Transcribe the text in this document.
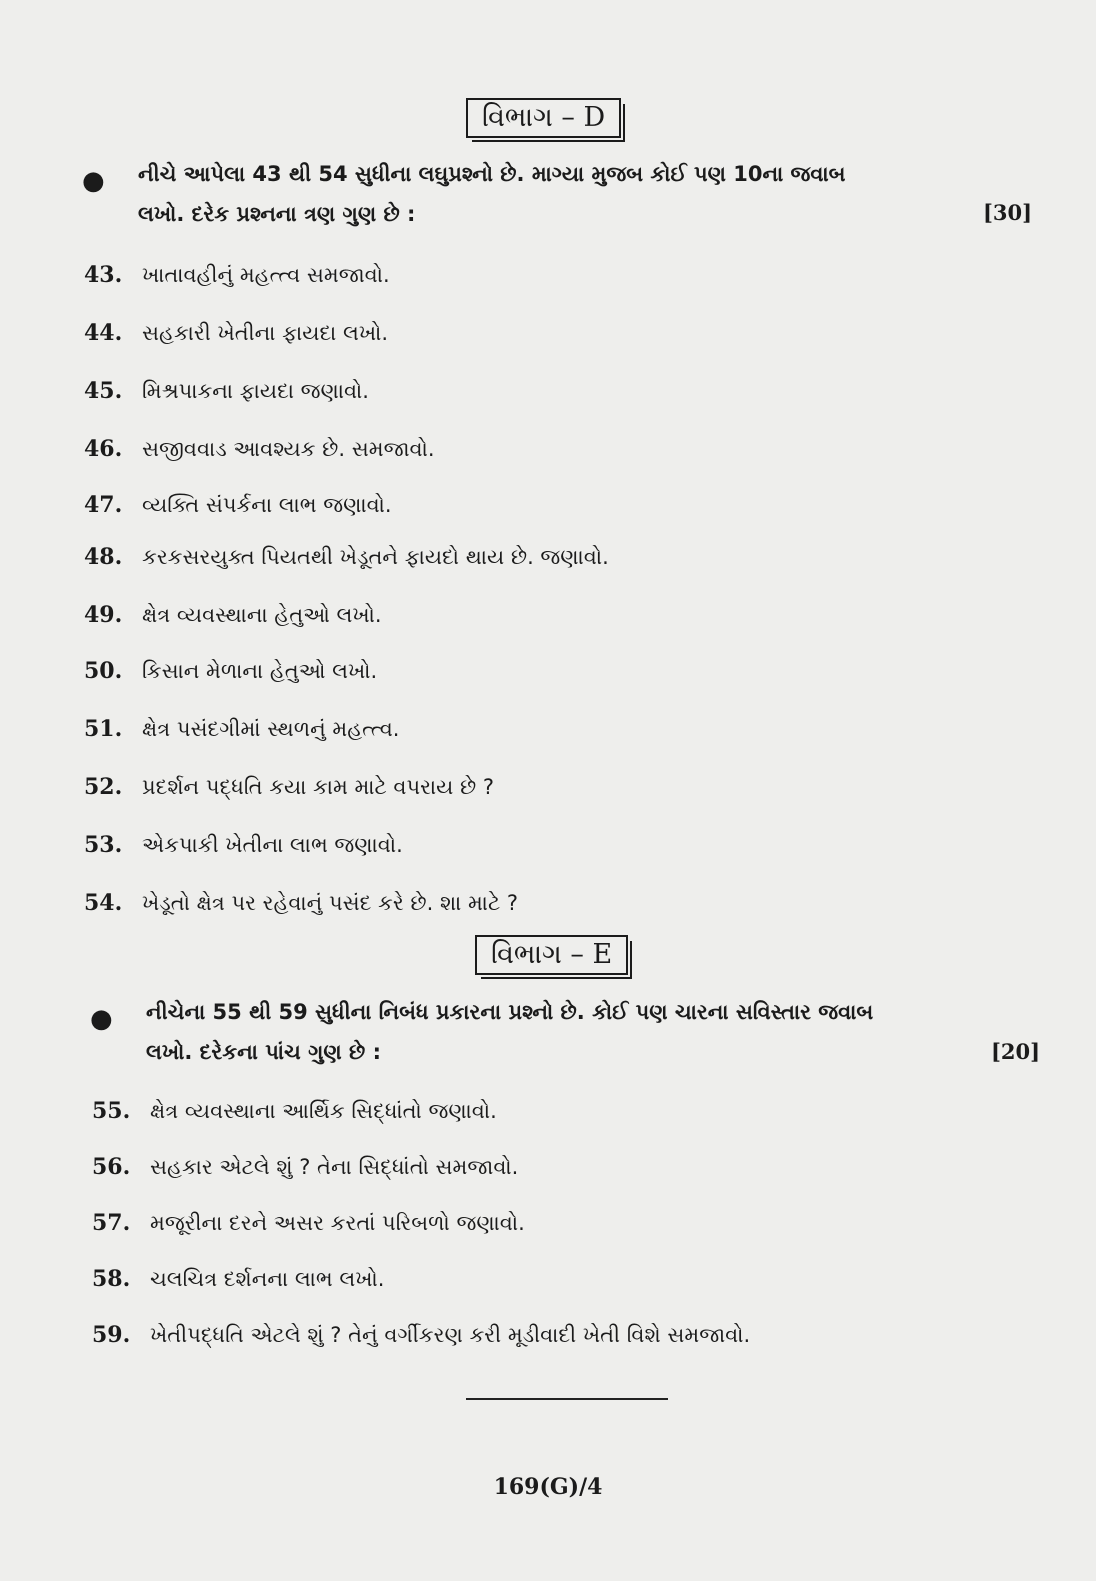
વિભાગ – D
● નીચે આપેલા 43 થી 54 સુધીના લઘુપ્રશ્નો છે. માગ્યા મુજબ કોઈ પણ 10ના જવાબ
લખો. દરેક પ્રશ્નના ત્રણ ગુણ છે :	[30]
43. ખાતાવહીનું મહત્ત્વ સમજાવો.
44. સહકારી ખેતીના ફાયદા લખો.
45. મિશ્રપાકના ફાયદા જણાવો.
46. સજીવવાડ આવશ્યક છે. સમજાવો.
47. વ્યક્તિ સંપર્કના લાભ જણાવો.
48. કરકસરયુક્ત પિયતથી ખેડૂતને ફાયદો થાય છે. જણાવો.
49. ક્ષેત્ર વ્યવસ્થાના હેતુઓ લખો.
50. કિસાન મેળાના હેતુઓ લખો.
51. ક્ષેત્ર પસંદગીમાં સ્થળનું મહત્ત્વ.
52. પ્રદર્શન પદ્ધતિ કયા કામ માટે વપરાય છે ?
53. એકપાકી ખેતીના લાભ જણાવો.
54. ખેડૂતો ક્ષેત્ર પર રહેવાનું પસંદ કરે છે. શા માટે ?
વિભાગ – E
● નીચેના 55 થી 59 સુધીના નિબંધ પ્રકારના પ્રશ્નો છે. કોઈ પણ ચારના સવિસ્તાર જવાબ
લખો. દરેકના પાંચ ગુણ છે :	[20]
55. ક્ષેત્ર વ્યવસ્થાના આર્થિક સિદ્ધાંતો જણાવો.
56. સહકાર એટલે શું ? તેના સિદ્ધાંતો સમજાવો.
57. મજૂરીના દરને અસર કરતાં પરિબળો જણાવો.
58. ચલચિત્ર દર્શનના લાભ લખો.
59. ખેતીપદ્ધતિ એટલે શું ? તેનું વર્ગીકરણ કરી મૂડીવાદી ખેતી વિશે સમજાવો.
169(G)/4
